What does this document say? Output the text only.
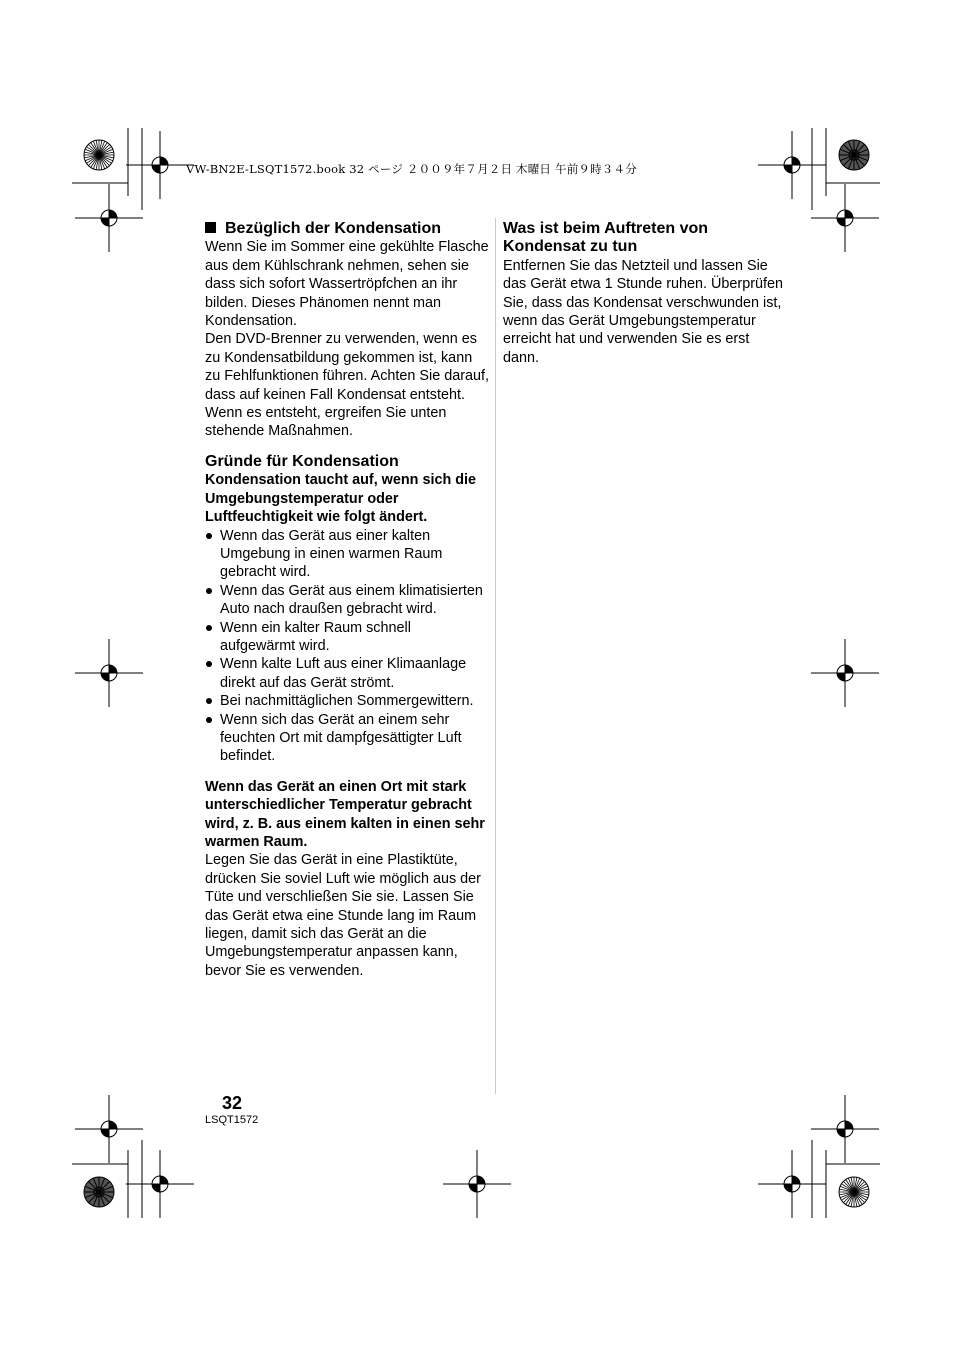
VW-BN2E-LSQT1572.book 32 ページ ２００９年７月２日 木曜日 午前９時３４分
Bezüglich der Kondensation

Wenn Sie im Sommer eine gekühlte Flasche aus dem Kühlschrank nehmen, sehen sie dass sich sofort Wassertröpfchen an ihr bilden. Dieses Phänomen nennt man Kondensation.

Den DVD-Brenner zu verwenden, wenn es zu Kondensatbildung gekommen ist, kann zu Fehlfunktionen führen. Achten Sie darauf, dass auf keinen Fall Kondensat entsteht. Wenn es entsteht, ergreifen Sie unten stehende Maßnahmen.

Gründe für Kondensation

Kondensation taucht auf, wenn sich die Umgebungstemperatur oder Luftfeuchtigkeit wie folgt ändert.

Wenn das Gerät aus einer kalten Umgebung in einen warmen Raum gebracht wird.
Wenn das Gerät aus einem klimatisierten Auto nach draußen gebracht wird.
Wenn ein kalter Raum schnell aufgewärmt wird.
Wenn kalte Luft aus einer Klimaanlage direkt auf das Gerät strömt.
Bei nachmittäglichen Sommergewittern.
Wenn sich das Gerät an einem sehr feuchten Ort mit dampfgesättigter Luft befindet.

Wenn das Gerät an einen Ort mit stark unterschiedlicher Temperatur gebracht wird, z. B. aus einem kalten in einen sehr warmen Raum.

Legen Sie das Gerät in eine Plastiktüte, drücken Sie soviel Luft wie möglich aus der Tüte und verschließen Sie sie. Lassen Sie das Gerät etwa eine Stunde lang im Raum liegen, damit sich das Gerät an die Umgebungstemperatur anpassen kann, bevor Sie es verwenden.

Was ist beim Auftreten von Kondensat zu tun

Entfernen Sie das Netzteil und lassen Sie das Gerät etwa 1 Stunde ruhen. Überprüfen Sie, dass das Kondensat verschwunden ist, wenn das Gerät Umgebungstemperatur erreicht hat und verwenden Sie es erst dann.

32
LSQT1572
